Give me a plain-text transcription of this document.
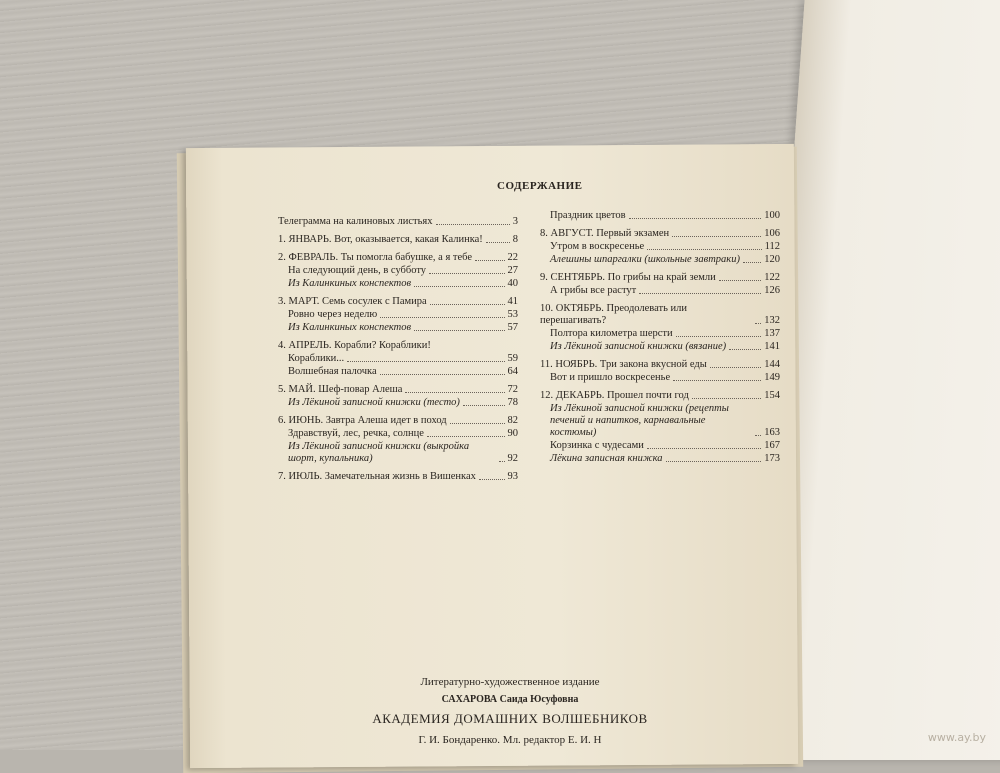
СОДЕРЖАНИЕ
Телеграмма на калиновых листьях	3
1. ЯНВАРЬ. Вот, оказывается, какая Калинка!	8
2. ФЕВРАЛЬ. Ты помогла бабушке, а я тебе	22
На следующий день, в субботу	27
Из Калинкиных конспектов	40
3. МАРТ. Семь сосулек с Памира	41
Ровно через неделю	53
Из Калинкиных конспектов	57
4. АПРЕЛЬ. Корабли? Кораблики!
Кораблики...	59
Волшебная палочка	64
5. МАЙ. Шеф-повар Алеша	72
Из Лёкиной записной книжки (тесто)	78
6. ИЮНЬ. Завтра Алеша идет в поход	82
Здравствуй, лес, речка, солнце	90
Из Лёкиной записной книжки (выкройка шорт, купальника)	92
7. ИЮЛЬ. Замечательная жизнь в Вишенках	93
Праздник цветов	100
8. АВГУСТ. Первый экзамен	106
Утром в воскресенье	112
Алешины шпаргалки (школьные завтраки) 120
9. СЕНТЯБРЬ. По грибы на край земли	122
А грибы все растут	126
10. ОКТЯБРЬ. Преодолевать или перешагивать?	132
Полтора километра шерсти	137
Из Лёкиной записной книжки (вязание)	141
11. НОЯБРЬ. Три закона вкусной еды	144
Вот и пришло воскресенье	149
12. ДЕКАБРЬ. Прошел почти год	154
Из Лёкиной записной книжки (рецепты печений и напитков, карнавальные костюмы)	163
Корзинка с чудесами	167
Лёкина записная книжка	173
Литературно-художественное издание
САХАРОВА Саида Юсуфовна
АКАДЕМИЯ ДОМАШНИХ ВОЛШЕБНИКОВ
Г. И. Бондаренко. Мл. редактор Е. И. Н	www.ay.by
